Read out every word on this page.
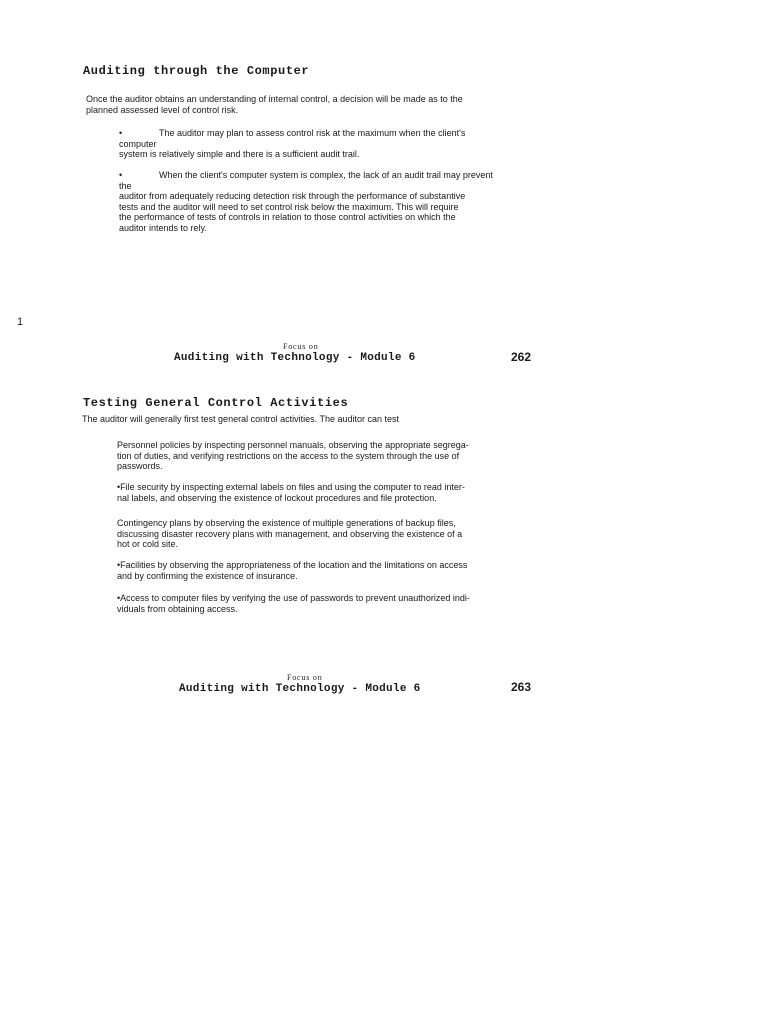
Auditing through the Computer
Once the auditor obtains an understanding of internal control, a decision will be made as to the
planned assessed level of control risk.
•	The auditor may plan to assess control risk at the maximum when the client's
computer
system is relatively simple and there is a sufficient audit trail.
•	When the client's computer system is complex, the lack of an audit trail may prevent
the
auditor from adequately reducing detection risk through the performance of substantive
tests and the auditor will need to set control risk below the maximum. This will require
the performance of tests of controls in relation to those control activities on which the
auditor intends to rely.
1
Focus on
Auditing with Technology - Module 6	262
Testing General Control Activities
The auditor will generally first test general control activities. The auditor can test
Personnel policies by inspecting personnel manuals, observing the appropriate segrega-
tion of duties, and verifying restrictions on the access to the system through the use of
passwords.
•File security by inspecting external labels on files and using the computer to read inter-
nal labels, and observing the existence of lockout procedures and file protection.
Contingency plans by observing the existence of multiple generations of backup files,
discussing disaster recovery plans with management, and observing the existence of a
hot or cold site.
•Facilities by observing the appropriateness of the location and the limitations on access
and by confirming the existence of insurance.
•Access to computer files by verifying the use of passwords to prevent unauthorized indi-
viduals from obtaining access.
Focus on
Auditing with Technology - Module 6	263
